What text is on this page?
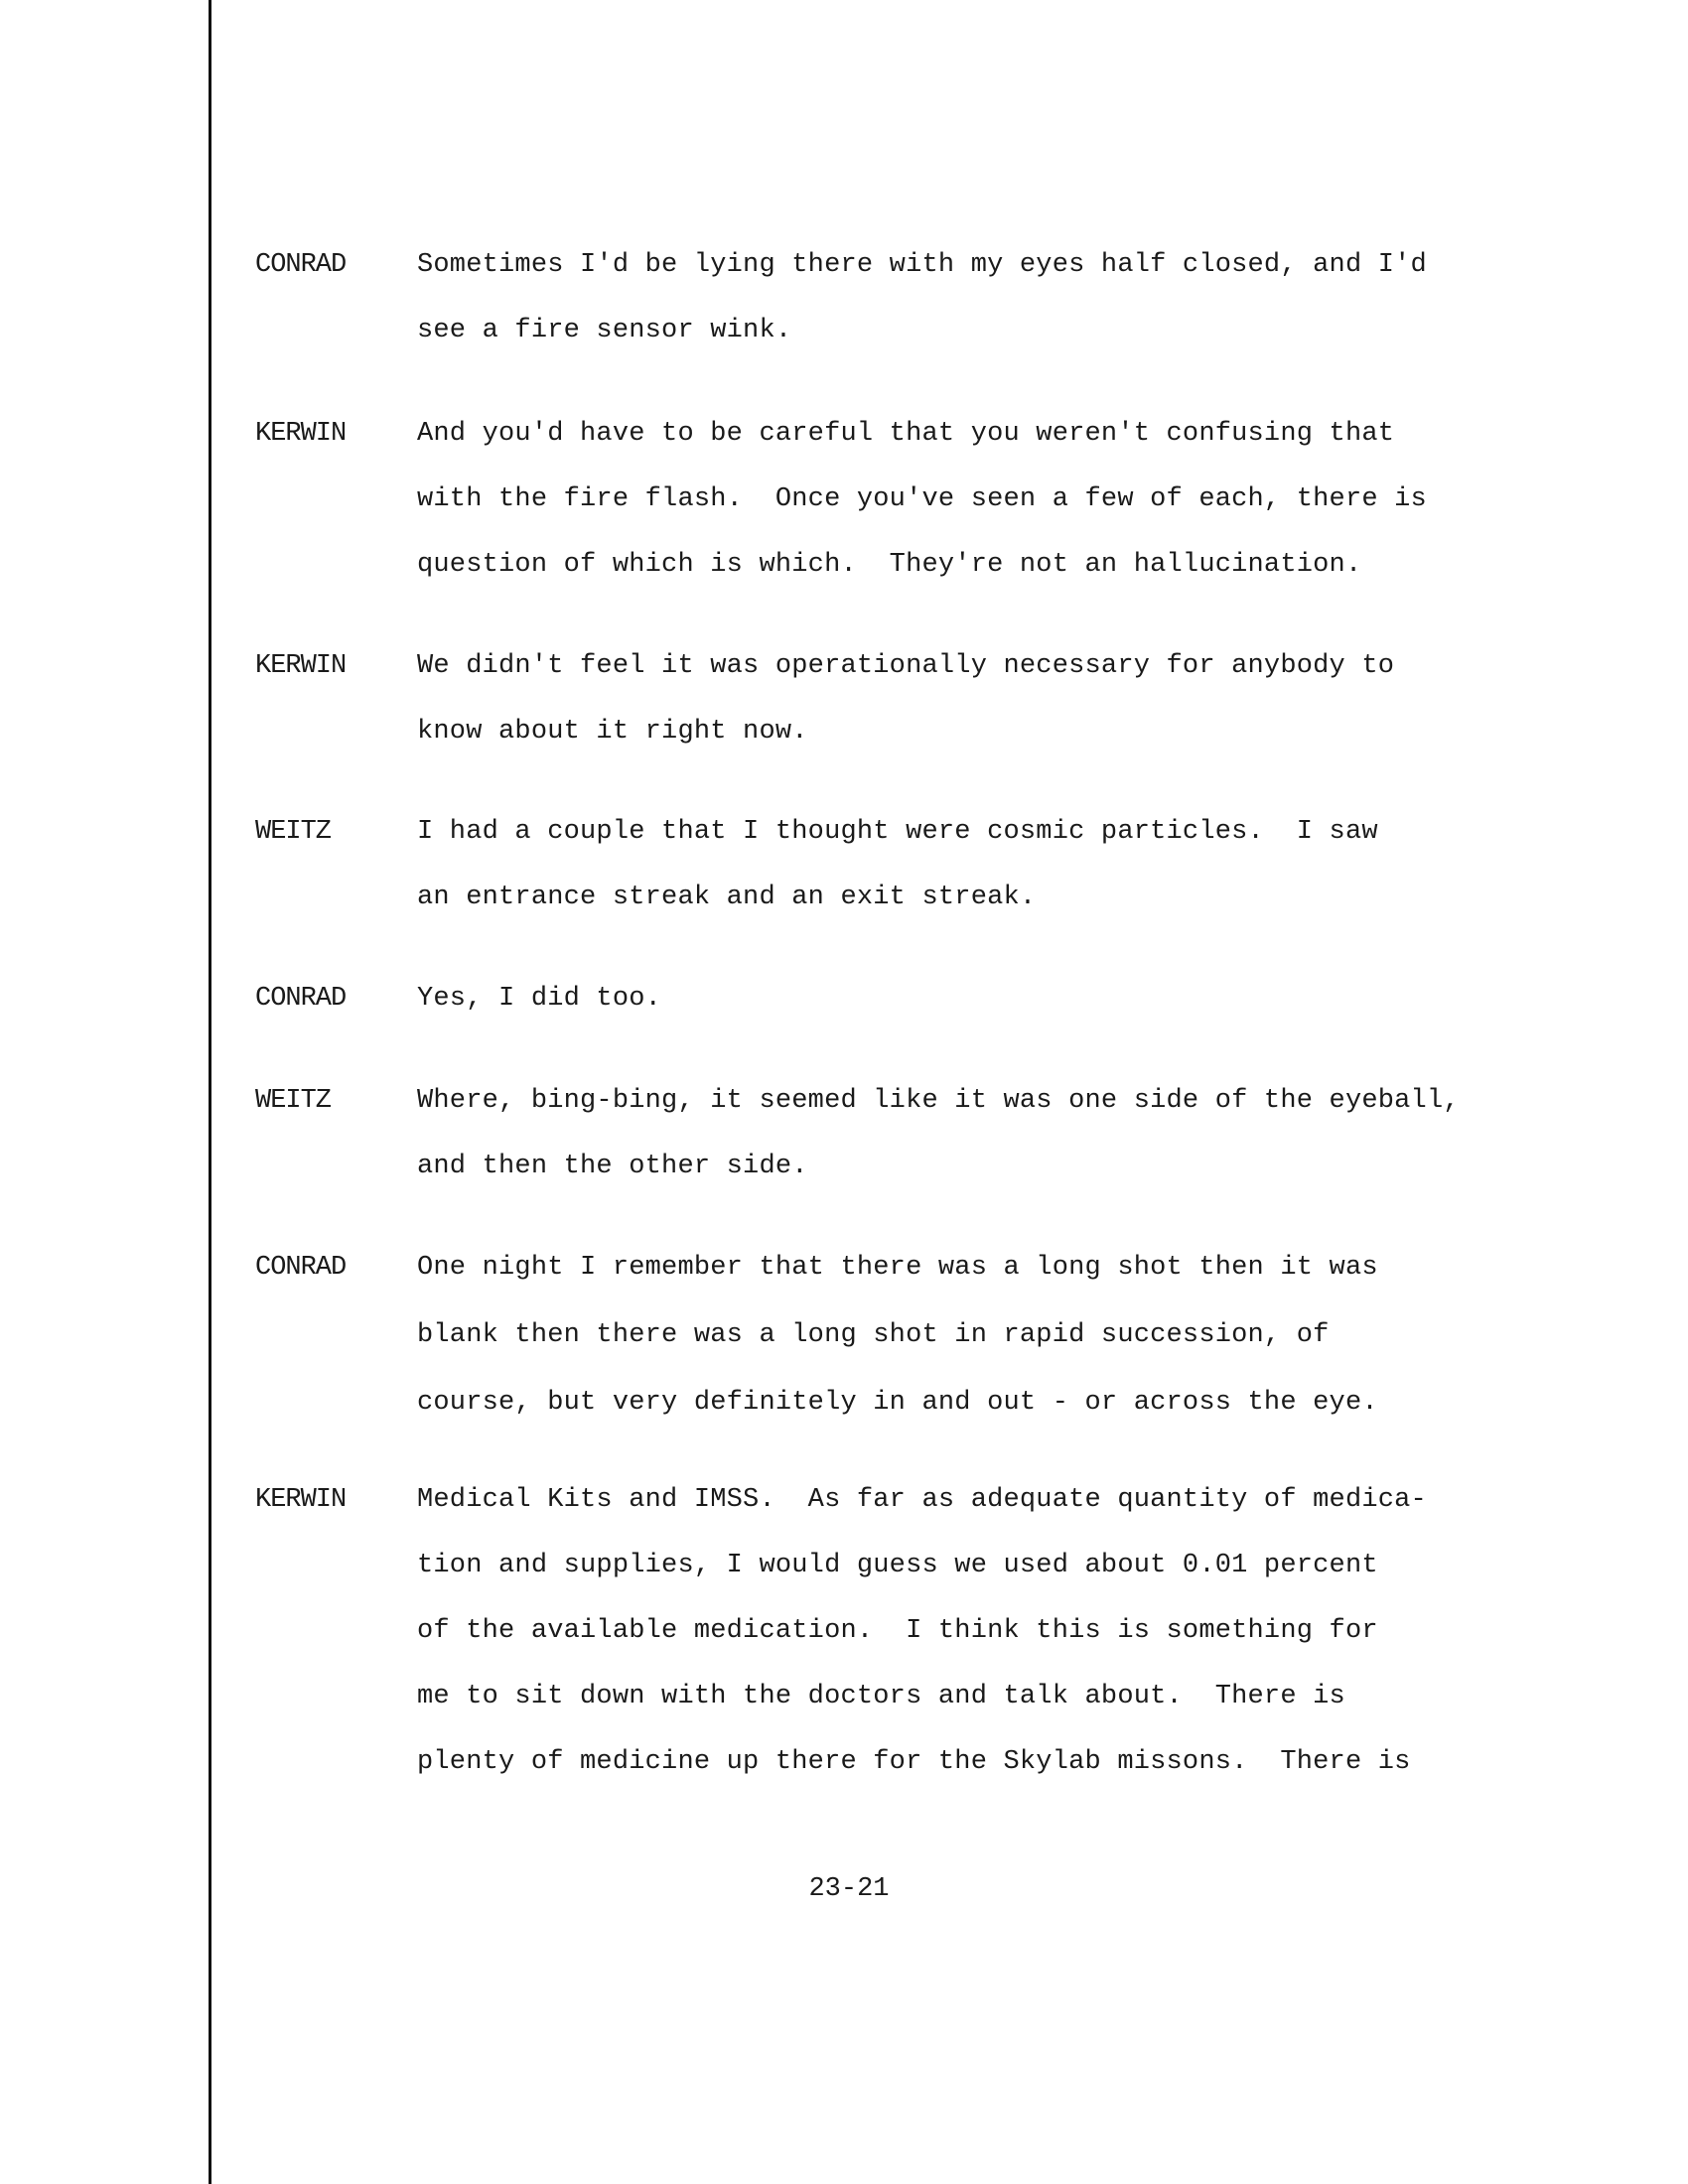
CONRAD	Sometimes I'd be lying there with my eyes half closed, and I'd
see a fire sensor wink.
KERWIN	And you'd have to be careful that you weren't confusing that
with the fire flash.  Once you've seen a few of each, there is
question of which is which.  They're not an hallucination.
KERWIN	We didn't feel it was operationally necessary for anybody to
know about it right now.
WEITZ	I had a couple that I thought were cosmic particles.  I saw
an entrance streak and an exit streak.
CONRAD	Yes, I did too.
WEITZ	Where, bing-bing, it seemed like it was one side of the eyeball,
and then the other side.
CONRAD	One night I remember that there was a long shot then it was
blank then there was a long shot in rapid succession, of
course, but very definitely in and out - or across the eye.
KERWIN	Medical Kits and IMSS.  As far as adequate quantity of medica-
tion and supplies, I would guess we used about 0.01 percent
of the available medication.  I think this is something for
me to sit down with the doctors and talk about.  There is
plenty of medicine up there for the Skylab missons.  There is
23-21
